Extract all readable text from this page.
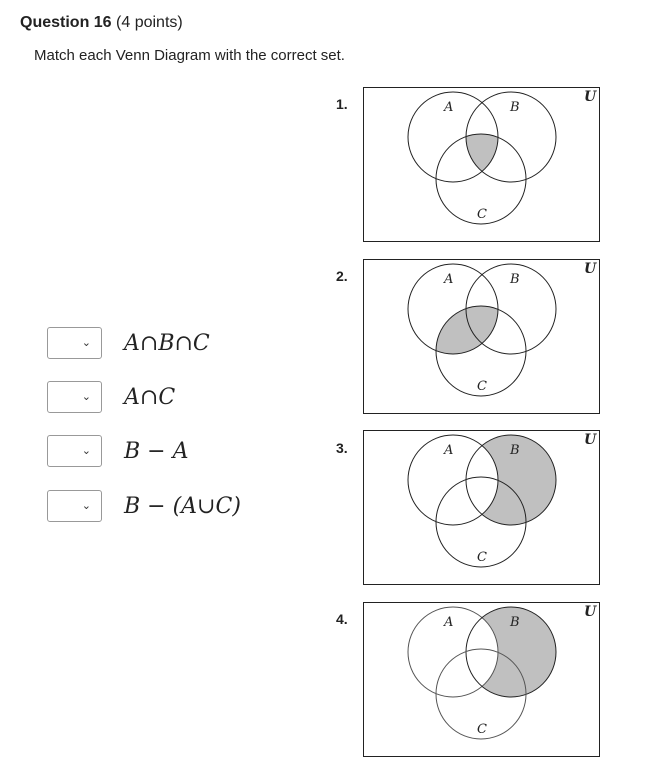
Question 16 (4 points)
Match each Venn Diagram with the correct set.
⌄ A∩B∩C
⌄ A∩C
⌄ B − A
⌄ B − (A∪C)
1.
2.
3.
4.
A	B
C
U
A	B
C
U
A	B
C
U
A	B
C
U
